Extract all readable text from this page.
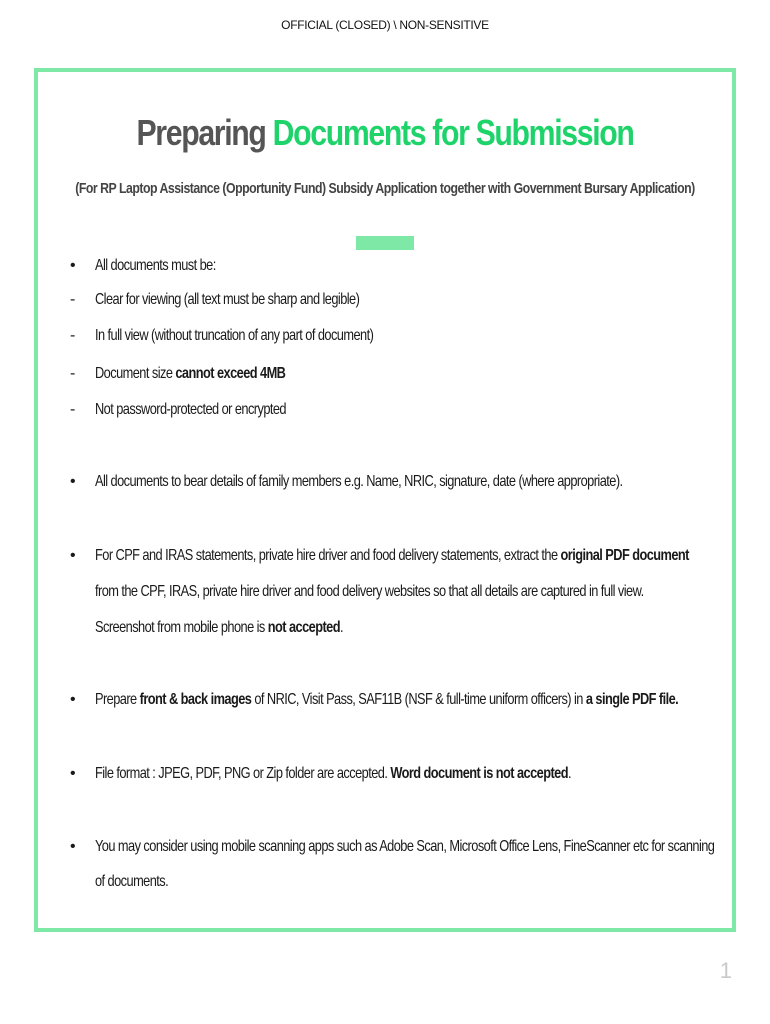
OFFICIAL (CLOSED) \ NON-SENSITIVE
Preparing Documents for Submission
(For RP Laptop Assistance (Opportunity Fund) Subsidy Application together with Government Bursary Application)
• All documents must be:
- Clear for viewing (all text must be sharp and legible)
- In full view (without truncation of any part of document)
- Document size cannot exceed 4MB
- Not password-protected or encrypted
• All documents to bear details of family members e.g. Name, NRIC, signature, date (where appropriate).
• For CPF and IRAS statements, private hire driver and food delivery statements, extract the original PDF document
from the CPF, IRAS, private hire driver and food delivery websites so that all details are captured in full view.
Screenshot from mobile phone is not accepted.
• Prepare front & back images of NRIC, Visit Pass, SAF11B (NSF & full-time uniform officers) in a single PDF file.
• File format : JPEG, PDF, PNG or Zip folder are accepted. Word document is not accepted.
• You may consider using mobile scanning apps such as Adobe Scan, Microsoft Office Lens, FineScanner etc for scanning
of documents.
1
